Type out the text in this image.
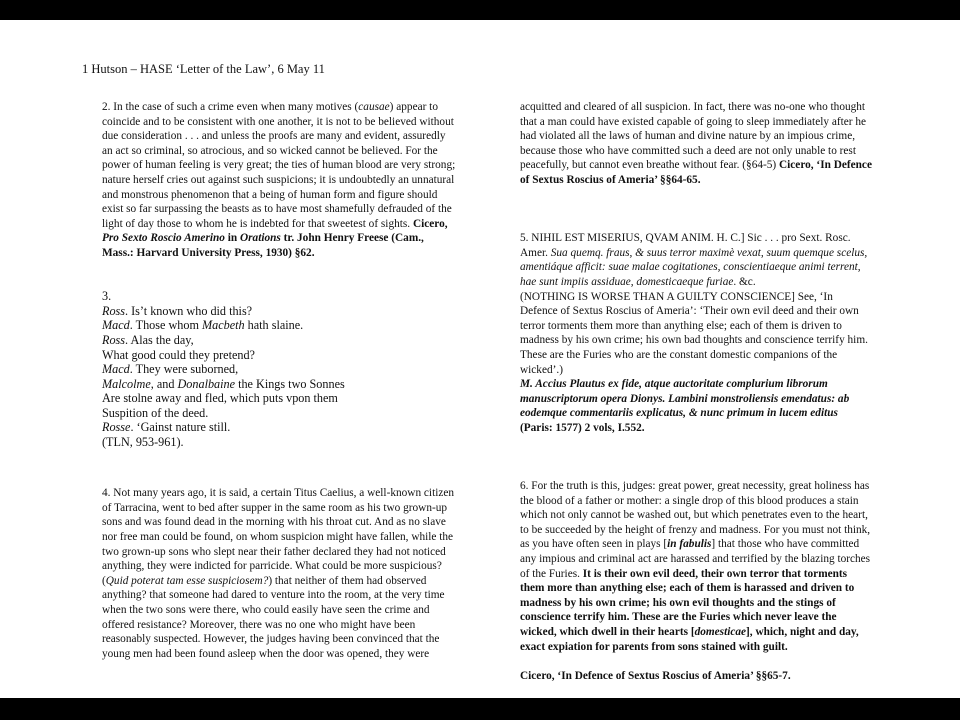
1 Hutson – HASE ‘Letter of the Law’, 6 May 11
2. In the case of such a crime even when many motives (causae) appear to
coincide and to be consistent with one another, it is not to be believed without
due consideration . . . and unless the proofs are many and evident, assuredly
an act so criminal, so atrocious, and so wicked cannot be believed. For the
power of human feeling is very great; the ties of human blood are very strong;
nature herself cries out against such suspicions; it is undoubtedly an unnatural
and monstrous phenomenon that a being of human form and figure should
exist so far surpassing the beasts as to have most shamefully defrauded of the
light of day those to whom he is indebted for that sweetest of sights. Cicero,
Pro Sexto Roscio Amerino in Orations tr. John Henry Freese (Cam.,
Mass.: Harvard University Press, 1930) §62.
3.
Ross. Is’t known who did this?
Macd. Those whom Macbeth hath slaine.
Ross. Alas the day,
What good could they pretend?
Macd. They were suborned,
Malcolme, and Donalbaine the Kings two Sonnes
Are stolne away and fled, which puts vpon them
Suspition of the deed.
Rosse. ‘Gainst nature still.
(TLN, 953-961).
4. Not many years ago, it is said, a certain Titus Caelius, a well-known citizen
of Tarracina, went to bed after supper in the same room as his two grown-up
sons and was found dead in the morning with his throat cut. And as no slave
nor free man could be found, on whom suspicion might have fallen, while the
two grown-up sons who slept near their father declared they had not noticed
anything, they were indicted for parricide. What could be more suspicious?
(Quid poterat tam esse suspiciosem?) that neither of them had observed
anything? that someone had dared to venture into the room, at the very time
when the two sons were there, who could easily have seen the crime and
offered resistance? Moreover, there was no one who might have been
reasonably suspected. However, the judges having been convinced that the
young men had been found asleep when the door was opened, they were
acquitted and cleared of all suspicion. In fact, there was no-one who thought
that a man could have existed capable of going to sleep immediately after he
had violated all the laws of human and divine nature by an impious crime,
because those who have committed such a deed are not only unable to rest
peacefully, but cannot even breathe without fear. (§64-5) Cicero, ‘In Defence
of Sextus Roscius of Ameria’ §§64-65.
5. NIHIL EST MISERIUS, QVAM ANIM. H. C.] Sic . . . pro Sext. Rosc.
Amer. Sua quemq. fraus, & suus terror maximè vexat, suum quemque scelus,
amentiáque afficit: suae malae cogitationes, conscientiaeque animi terrent,
hae sunt impiis assiduae, domesticaeque furiae. &c.
(NOTHING IS WORSE THAN A GUILTY CONSCIENCE] See, ‘In
Defence of Sextus Roscius of Ameria’: ‘Their own evil deed and their own
terror torments them more than anything else; each of them is driven to
madness by his own crime; his own bad thoughts and conscience terrify him.
These are the Furies who are the constant domestic companions of the
wicked’.)
M. Accius Plautus ex fide, atque auctoritate complurium librorum
manuscriptorum opera Dionys. Lambini monstroliensis emendatus: ab
eodemque commentariis explicatus, & nunc primum in lucem editus
(Paris: 1577) 2 vols, I.552.
6. For the truth is this, judges: great power, great necessity, great holiness has
the blood of a father or mother: a single drop of this blood produces a stain
which not only cannot be washed out, but which penetrates even to the heart,
to be succeeded by the height of frenzy and madness. For you must not think,
as you have often seen in plays [in fabulis] that those who have committed
any impious and criminal act are harassed and terrified by the blazing torches
of the Furies. It is their own evil deed, their own terror that torments
them more than anything else; each of them is harassed and driven to
madness by his own crime; his own evil thoughts and the stings of
conscience terrify him. These are the Furies which never leave the
wicked, which dwell in their hearts [domesticae], which, night and day,
exact expiation for parents from sons stained with guilt.
Cicero, ‘In Defence of Sextus Roscius of Ameria’ §§65-7.
